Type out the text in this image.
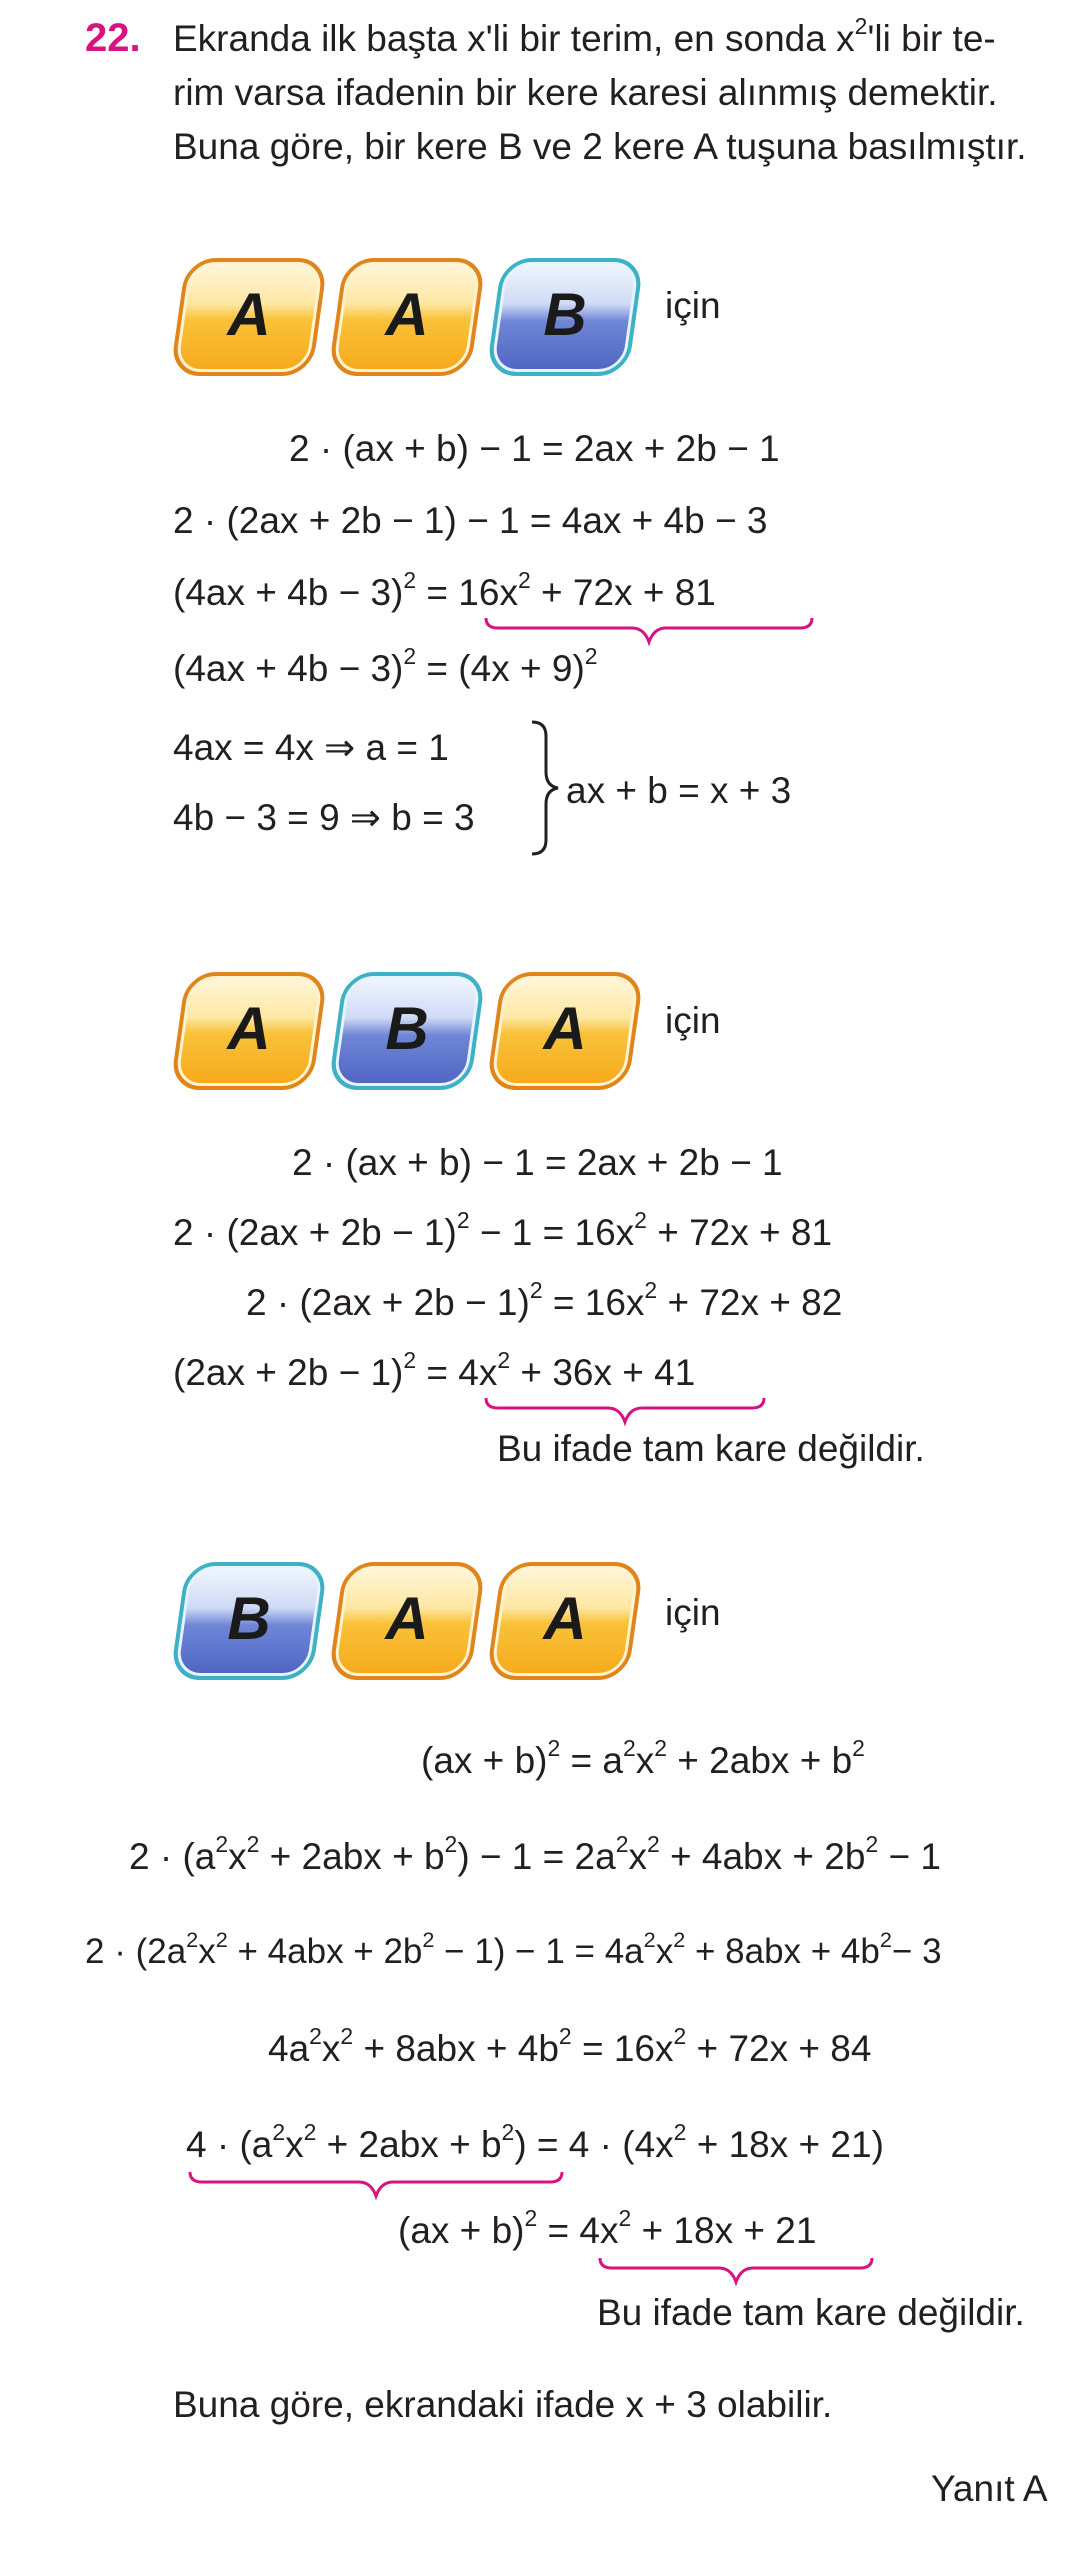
22. Ekranda ilk başta x'li bir terim, en sonda $x^2'li$ bir te-
rim varsa ifadenin bir kere karesi alınmış demektir.
Buna göre, bir kere B ve 2 kere A tuşuna basılmıştır.
A A B için
2 · (ax + b) − 1 = 2ax + 2b − 1
2 · (2ax + 2b − 1) − 1 = 4ax + 4b − 3
$(4ax + 4b - 3)^2 = 16x^2 + 72x + 81$
$(4ax + 4b - 3)^2 = (4x + 9)^2$
4ax = 4x ⇒ a = 1
4b − 3 = 9 ⇒ b = 3
ax + b = x + 3
A B A için
2 · (ax + b) − 1 = 2ax + 2b − 1
$2 \cdot (2ax + 2b - 1)^2 - 1 = 16x^2 + 72x + 81$
$2 \cdot (2ax + 2b - 1)^2 = 16x^2 + 72x + 82$
$(2ax + 2b - 1)^2 = 4x^2 + 36x + 41$
Bu ifade tam kare değildir.
B A A için
$(ax + b)^2 = a^2x^2 + 2abx + b^2$
$2 \cdot (a^2x^2 + 2abx + b^2) - 1 = 2a^2x^2 + 4abx + 2b^2 - 1$
$2 \cdot (2a^2x^2 + 4abx + 2b^2 - 1) - 1 = 4a^2x^2 + 8abx + 4b^2- 3$
$4a^2x^2 + 8abx + 4b^2 = 16x^2 + 72x + 84$
$4 \cdot (a^2x^2 + 2abx + b^2) = 4 \cdot (4x^2 + 18x + 21)$
$(ax + b)^2 = 4x^2 + 18x + 21$
Bu ifade tam kare değildir.
Buna göre, ekrandaki ifade x + 3 olabilir.
Yanıt A
